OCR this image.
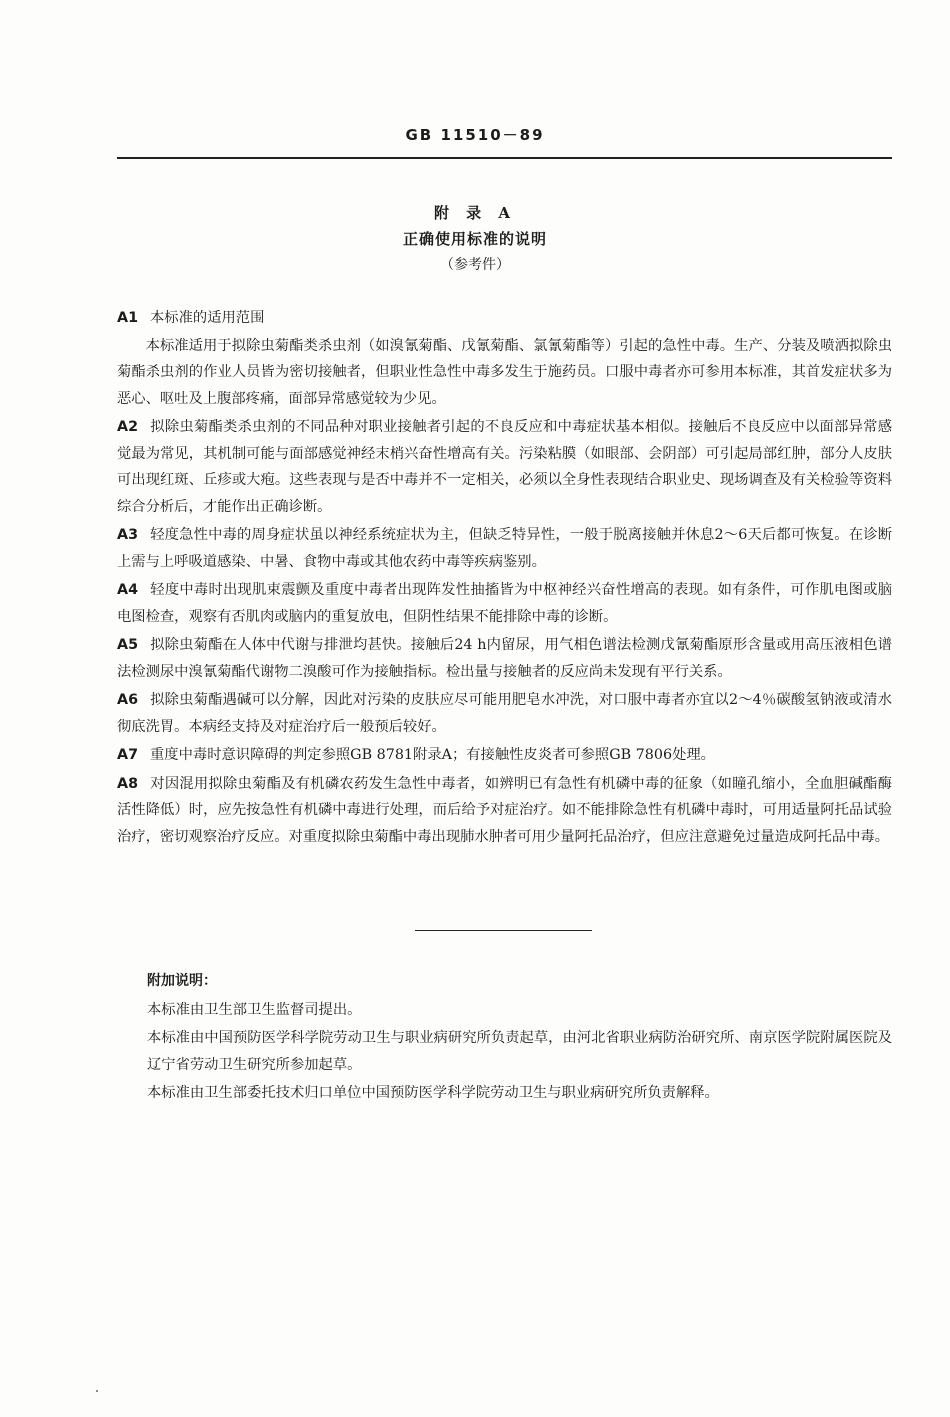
GB 11510－89
附 录 A
正确使用标准的说明
（参考件）

A1 本标准的适用范围

本标准适用于拟除虫菊酯类杀虫剂（如溴氰菊酯、戊氰菊酯、氯氰菊酯等）引起的急性中毒。生产、分装及喷洒拟除虫菊酯杀虫剂的作业人员皆为密切接触者，但职业性急性中毒多发生于施药员。口服中毒者亦可参用本标准，其首发症状多为恶心、呕吐及上腹部疼痛，面部异常感觉较为少见。

A2 拟除虫菊酯类杀虫剂的不同品种对职业接触者引起的不良反应和中毒症状基本相似。接触后不良反应中以面部异常感觉最为常见，其机制可能与面部感觉神经末梢兴奋性增高有关。污染粘膜（如眼部、会阴部）可引起局部红肿，部分人皮肤可出现红斑、丘疹或大疱。这些表现与是否中毒并不一定相关，必须以全身性表现结合职业史、现场调查及有关检验等资料综合分析后，才能作出正确诊断。

A3 轻度急性中毒的周身症状虽以神经系统症状为主，但缺乏特异性，一般于脱离接触并休息2～6天后都可恢复。在诊断上需与上呼吸道感染、中暑、食物中毒或其他农药中毒等疾病鉴别。

A4 轻度中毒时出现肌束震颤及重度中毒者出现阵发性抽搐皆为中枢神经兴奋性增高的表现。如有条件，可作肌电图或脑电图检查，观察有否肌肉或脑内的重复放电，但阴性结果不能排除中毒的诊断。

A5 拟除虫菊酯在人体中代谢与排泄均甚快。接触后24 h内留尿，用气相色谱法检测戊氰菊酯原形含量或用高压液相色谱法检测尿中溴氰菊酯代谢物二溴酸可作为接触指标。检出量与接触者的反应尚未发现有平行关系。

A6 拟除虫菊酯遇碱可以分解，因此对污染的皮肤应尽可能用肥皂水冲洗，对口服中毒者亦宜以2～4％碳酸氢钠液或清水彻底洗胃。本病经支持及对症治疗后一般预后较好。

A7 重度中毒时意识障碍的判定参照GB 8781附录A；有接触性皮炎者可参照GB 7806处理。

A8 对因混用拟除虫菊酯及有机磷农药发生急性中毒者，如辨明已有急性有机磷中毒的征象（如瞳孔缩小，全血胆碱酯酶活性降低）时，应先按急性有机磷中毒进行处理，而后给予对症治疗。如不能排除急性有机磷中毒时，可用适量阿托品试验治疗，密切观察治疗反应。对重度拟除虫菊酯中毒出现肺水肿者可用少量阿托品治疗，但应注意避免过量造成阿托品中毒。

附加说明：

本标准由卫生部卫生监督司提出。

本标准由中国预防医学科学院劳动卫生与职业病研究所负责起草，由河北省职业病防治研究所、南京医学院附属医院及辽宁省劳动卫生研究所参加起草。

本标准由卫生部委托技术归口单位中国预防医学科学院劳动卫生与职业病研究所负责解释。
